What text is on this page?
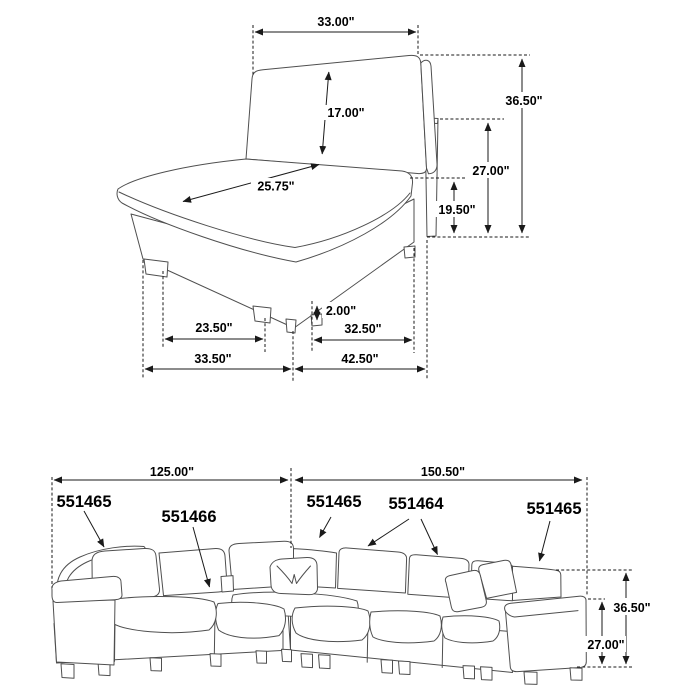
33.00"
17.00"
25.75"
36.50"
27.00"
19.50"
2.00"
23.50"	32.50"
33.50"	42.50"
125.00"	150.50"
36.50"
27.00"
551465
551466
551465 551464	551465
